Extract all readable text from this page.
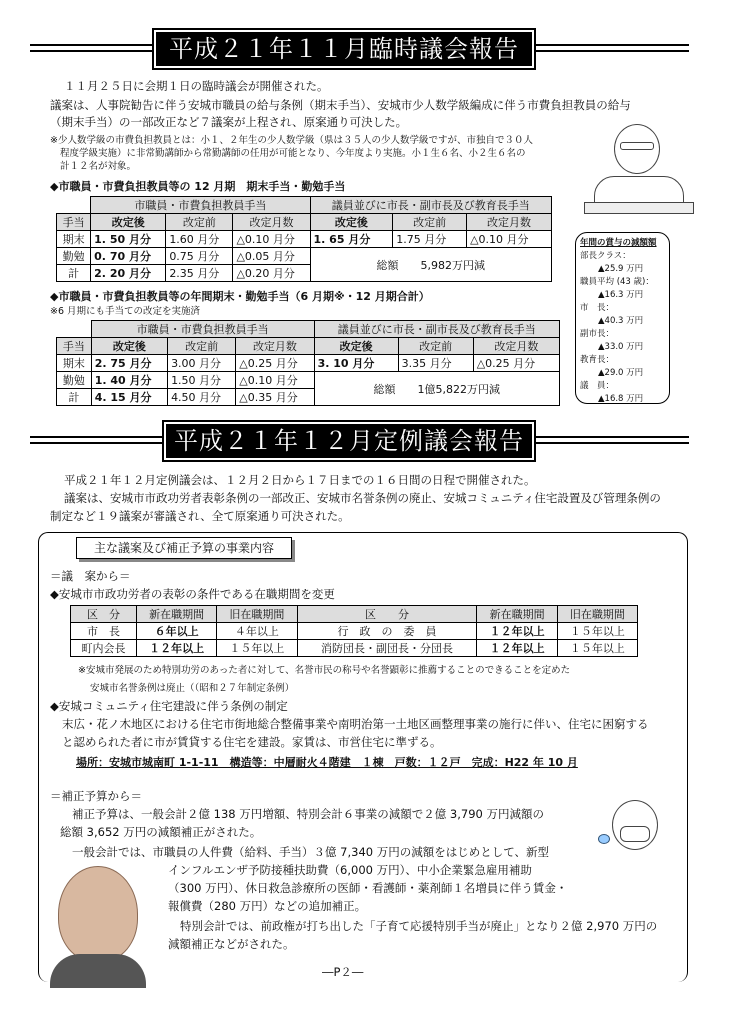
平成２１年１１月臨時議会報告
１１月２５日に会期１日の臨時議会が開催された。
議案は、人事院勧告に伴う安城市職員の給与条例（期末手当）、安城市少人数学級編成に伴う市費負担教員の給与
（期末手当）の一部改正など７議案が上程され、原案通り可決した。
※少人数学級の市費負担教員とは：小１、２年生の少人数学級（県は３５人の少人数学級ですが、市独自で３０人
程度学級実施）に非常勤講師から常勤講師の任用が可能となり、今年度より実施。小１生６名、小２生６名の
計１２名が対象。
◆市職員・市費負担教員等の 12 月期　期末手当・勤勉手当
	市職員・市費負担教員手当			議員並びに市長・副市長及び教育長手当		
手当	改定後	改定前	改定月数	改定後	改定前	改定月数
期末	1. 50 月分	1.60 月分	△0.10 月分	1. 65 月分	1.75 月分	△0.10 月分
勤勉	0. 70 月分	0.75 月分	△0.05 月分	総額　　5,982万円減		
計	2. 20 月分	2.35 月分	△0.20 月分			
◆市職員・市費負担教員等の年間期末・勤勉手当（6 月期※・12 月期合計）
※6 月期にも手当ての改定を実施済
	市職員・市費負担教員手当			議員並びに市長・副市長及び教育長手当		
手当	改定後	改定前	改定月数	改定後	改定前	改定月数
期末	2. 75 月分	3.00 月分	△0.25 月分	3. 10 月分	3.35 月分	△0.25 月分
勤勉	1. 40 月分	1.50 月分	△0.10 月分	総額　　1億5,822万円減		
計	4. 15 月分	4.50 月分	△0.35 月分			
年間の賞与の減額額
部長クラス：
▲25.9 万円
職員平均 (43 歳)：
▲16.3 万円
市　長：
▲40.3 万円
副市長：
▲33.0 万円
教育長：
▲29.0 万円
議　員：
▲16.8 万円
平成２１年１２月定例議会報告
平成２１年１２月定例議会は、１２月２日から１７日までの１６日間の日程で開催された。
議案は、安城市市政功労者表彰条例の一部改正、安城市名誉条例の廃止、安城コミュニティ住宅設置及び管理条例の
制定など１９議案が審議され、全て原案通り可決された。
主な議案及び補正予算の事業内容
＝議　案から＝
◆安城市市政功労者の表彰の条件である在職期間を変更
区　分	新在職期間	旧在職期間	区　　分	新在職期間	旧在職期間
市　長	６年以上	４年以上	行　政　の　委　員	１２年以上	１５年以上
町内会長	１２年以上	１５年以上	消防団長・副団長・分団長	１２年以上	１５年以上
※安城市発展のため特別功労のあった者に対して、名誉市民の称号や名誉顕彰に推薦することのできることを定めた
安城市名誉条例は廃止（（昭和２７年制定条例）
◆安城コミュニティ住宅建設に伴う条例の制定
末広・花ノ木地区における住宅市街地総合整備事業や南明治第一土地区画整理事業の施行に伴い、住宅に困窮する
と認められた者に市が賃貸する住宅を建設。家賃は、市営住宅に準ずる。
場所：安城市城南町 1-1-11　構造等：中層耐火４階建　１棟　戸数：１２戸　完成：H22 年 10 月
＝補正予算から＝
補正予算は、一般会計２億 138 万円増額、特別会計６事業の減額で２億 3,790 万円減額の
総額 3,652 万円の減額補正がされた。
一般会計では、市職員の人件費（給料、手当）３億 7,340 万円の減額をはじめとして、新型
インフルエンザ予防接種扶助費（6,000 万円）、中小企業緊急雇用補助
（300 万円）、休日救急診療所の医師・看護師・薬剤師１名増員に伴う賃金・
報償費（280 万円）などの追加補正。
特別会計では、前政権が打ち出した「子育て応援特別手当が廃止」となり２億 2,970 万円の
減額補正などがされた。
―P２―
